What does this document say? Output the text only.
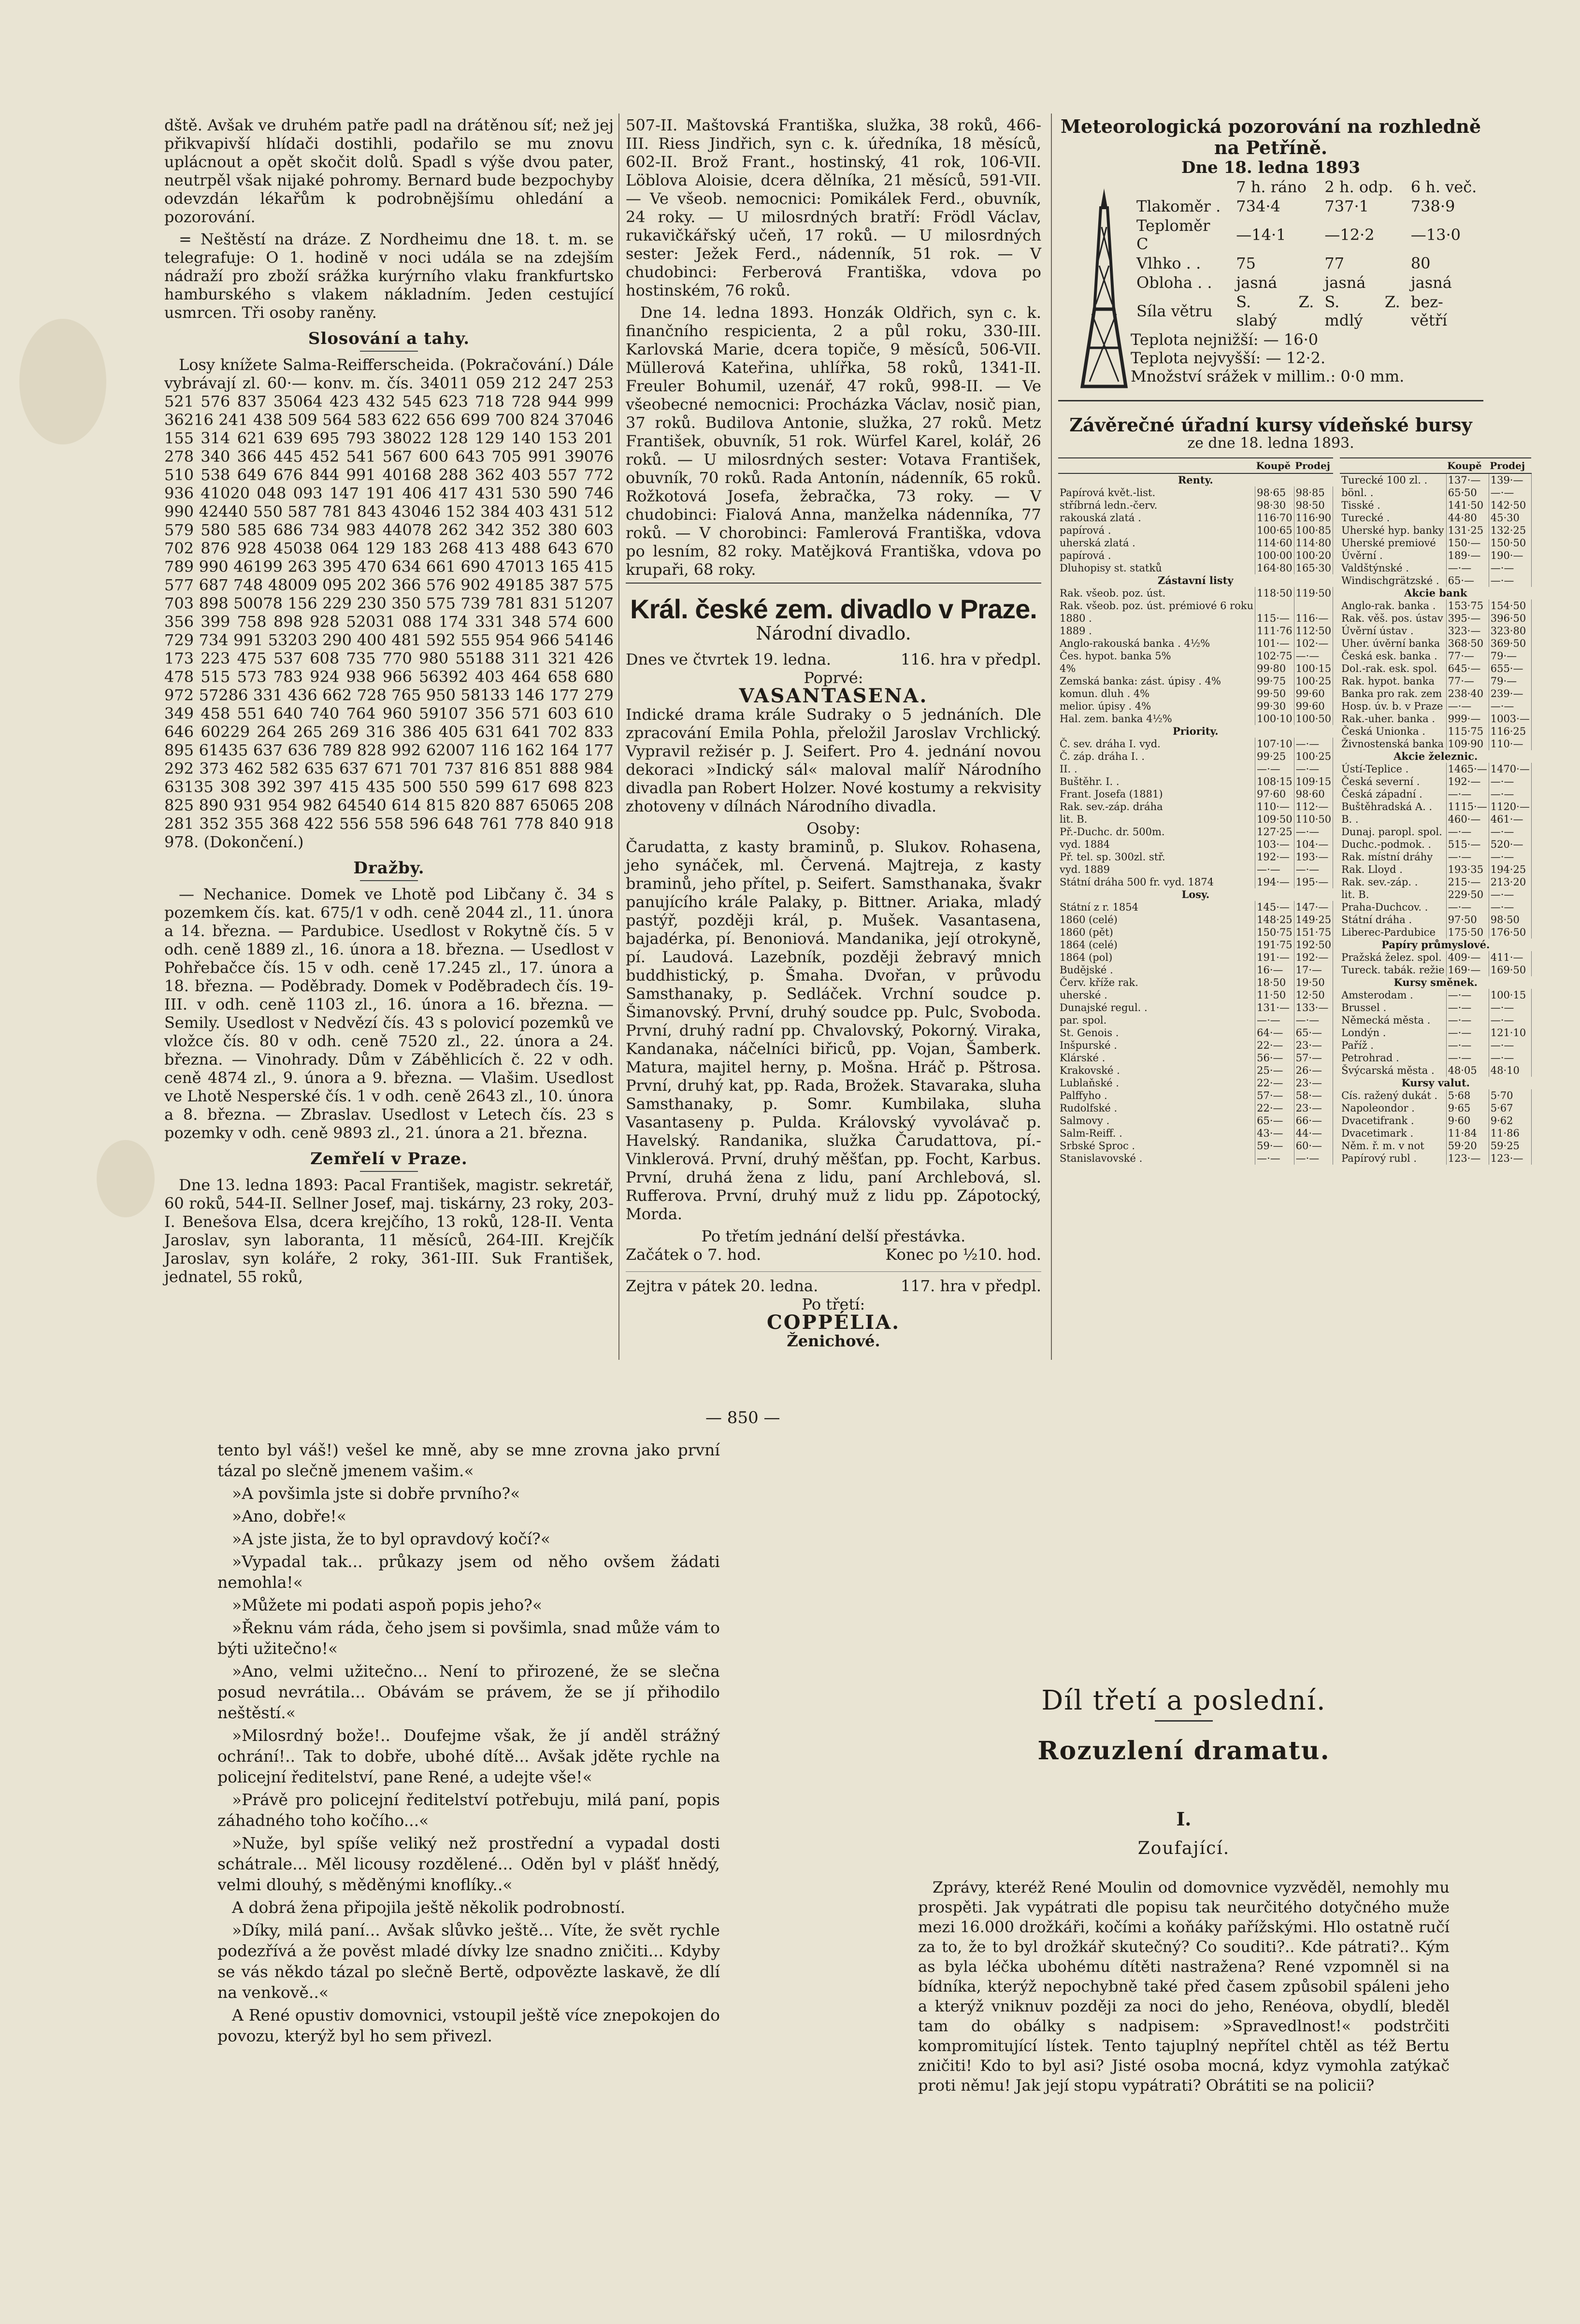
dště. Avšak ve druhém patře padl na drátěnou síť; než jej přikvapivší hlídači dostihli, podařilo se mu znovu uplácnout a opět skočit dolů. Spadl s výše dvou pater, neutrpěl však nijaké pohromy. Bernard bude bezpochyby odevzdán lékařům k podrobnějšímu ohledání a pozorování.

= Neštěstí na dráze. Z Nordheimu dne 18. t. m. se telegrafuje: O 1. hodině v noci udála se na zdejším nádraží pro zboží srážka kurýrního vlaku frankfurtsko hamburského s vlakem nákladním. Jeden cestující usmrcen. Tři osoby raněny.

Slosování a tahy.

Losy knížete Salma-Reifferscheida. (Pokračování.) Dále vybrávají zl. 60·— konv. m. čís. 34011 059 212 247 253 521 576 837 35064 423 432 545 623 718 728 944 999 36216 241 438 509 564 583 622 656 699 700 824 37046 155 314 621 639 695 793 38022 128 129 140 153 201 278 340 366 445 452 541 567 600 643 705 991 39076 510 538 649 676 844 991 40168 288 362 403 557 772 936 41020 048 093 147 191 406 417 431 530 590 746 990 42440 550 587 781 843 43046 152 384 403 431 512 579 580 585 686 734 983 44078 262 342 352 380 603 702 876 928 45038 064 129 183 268 413 488 643 670 789 990 46199 263 395 470 634 661 690 47013 165 415 577 687 748 48009 095 202 366 576 902 49185 387 575 703 898 50078 156 229 230 350 575 739 781 831 51207 356 399 758 898 928 52031 088 174 331 348 574 600 729 734 991 53203 290 400 481 592 555 954 966 54146 173 223 475 537 608 735 770 980 55188 311 321 426 478 515 573 783 924 938 966 56392 403 464 658 680 972 57286 331 436 662 728 765 950 58133 146 177 279 349 458 551 640 740 764 960 59107 356 571 603 610 646 60229 264 265 269 316 386 405 631 641 702 833 895 61435 637 636 789 828 992 62007 116 162 164 177 292 373 462 582 635 637 671 701 737 816 851 888 984 63135 308 392 397 415 435 500 550 599 617 698 823 825 890 931 954 982 64540 614 815 820 887 65065 208 281 352 355 368 422 556 558 596 648 761 778 840 918 978. (Dokončení.)

Dražby.

— Nechanice. Domek ve Lhotě pod Libčany č. 34 s pozemkem čís. kat. 675/1 v odh. ceně 2044 zl., 11. února a 14. března. — Pardubice. Usedlost v Rokytně čís. 5 v odh. ceně 1889 zl., 16. února a 18. března. — Usedlost v Pohřebačce čís. 15 v odh. ceně 17.245 zl., 17. února a 18. března. — Poděbrady. Domek v Poděbradech čís. 19-III. v odh. ceně 1103 zl., 16. února a 16. března. — Semily. Usedlost v Nedvězí čís. 43 s polovicí pozemků ve vložce čís. 80 v odh. ceně 7520 zl., 22. února a 24. března. — Vinohrady. Dům v Záběhlicích č. 22 v odh. ceně 4874 zl., 9. února a 9. března. — Vlašim. Usedlost ve Lhotě Nesperské čís. 1 v odh. ceně 2643 zl., 10. února a 8. března. — Zbraslav. Usedlost v Letech čís. 23 s pozemky v odh. ceně 9893 zl., 21. února a 21. března.

Zemřelí v Praze.

Dne 13. ledna 1893: Pacal František, magistr. sekretář, 60 roků, 544-II. Sellner Josef, maj. tiskárny, 23 roky, 203-I. Benešova Elsa, dcera krejčího, 13 roků, 128-II. Venta Jaroslav, syn laboranta, 11 měsíců, 264-III. Krejčík Jaroslav, syn koláře, 2 roky, 361-III. Suk František, jednatel, 55 roků,

507-II. Maštovská Františka, služka, 38 roků, 466-III. Riess Jindřich, syn c. k. úředníka, 18 měsíců, 602-II. Brož Frant., hostinský, 41 rok, 106-VII. Löblova Aloisie, dcera dělníka, 21 měsíců, 591-VII. — Ve všeob. nemocnici: Pomikálek Ferd., obuvník, 24 roky. — U milosrdných bratří: Frödl Václav, rukavičkářský učeň, 17 roků. — U milosrdných sester: Ježek Ferd., nádenník, 51 rok. — V chudobinci: Ferberová Františka, vdova po hostinském, 76 roků.

Dne 14. ledna 1893. Honzák Oldřich, syn c. k. finančního respicienta, 2 a půl roku, 330-III. Karlovská Marie, dcera topiče, 9 měsíců, 506-VII. Müllerová Kateřina, uhlířka, 58 roků, 1341-II. Freuler Bohumil, uzenář, 47 roků, 998-II. — Ve všeobecné nemocnici: Procházka Václav, nosič pian, 37 roků. Budilova Antonie, služka, 27 roků. Metz František, obuvník, 51 rok. Würfel Karel, kolář, 26 roků. — U milosrdných sester: Votava František, obuvník, 70 roků. Rada Antonín, nádenník, 65 roků. Rožkotová Josefa, žebračka, 73 roky. — V chudobinci: Fialová Anna, manželka nádenníka, 77 roků. — V chorobinci: Famlerová Františka, vdova po lesním, 82 roky. Matějková Františka, vdova po krupaři, 68 roky.

Král. české zem. divadlo v Praze.
Národní divadlo.
Dnes ve čtvrtek 19. ledna.	116. hra v předpl.
Poprvé:
VASANTASENA.

Indické drama krále Sudraky o 5 jednáních. Dle zpracování Emila Pohla, přeložil Jaroslav Vrchlický. Vypravil režisér p. J. Seifert. Pro 4. jednání novou dekoraci »Indický sál« maloval malíř Národního divadla pan Robert Holzer. Nové kostumy a rekvisity zhotoveny v dílnách Národního divadla.

Osoby:

Čarudatta, z kasty braminů, p. Slukov. Rohasena, jeho synáček, ml. Červená. Majtreja, z kasty braminů, jeho přítel, p. Seifert. Samsthanaka, švakr panujícího krále Palaky, p. Bittner. Ariaka, mladý pastýř, později král, p. Mušek. Vasantasena, bajadérka, pí. Benoniová. Mandanika, její otrokyně, pí. Laudová. Lazebník, později žebravý mnich buddhistický, p. Šmaha. Dvořan, v průvodu Samsthanaky, p. Sedláček. Vrchní soudce p. Šimanovský. První, druhý soudce pp. Pulc, Svoboda. První, druhý radní pp. Chvalovský, Pokorný. Viraka, Kandanaka, náčelníci biřiců, pp. Vojan, Šamberk. Matura, majitel herny, p. Mošna. Hráč p. Pštrosa. První, druhý kat, pp. Rada, Brožek. Stavaraka, sluha Samsthanaky, p. Somr. Kumbilaka, sluha Vasantaseny p. Pulda. Královský vyvolávač p. Havelský. Randanika, služka Čarudattova, pí.-Vinklerová. První, druhý měšťan, pp. Focht, Karbus. První, druhá žena z lidu, paní Archlebová, sl. Rufferova. První, druhý muž z lidu pp. Zápotocký, Morda.

Po třetím jednání delší přestávka.
Začátek o 7. hod.	Konec po ½10. hod.
Zejtra v pátek 20. ledna.	117. hra v předpl.
Po třetí:
COPPÉLIA.
Ženichové.
Meteorologická pozorování na rozhledně na Petříně.
Dne 18. ledna 1893
	7 h. ráno	2 h. odp.	6 h. več.
Tlakoměr .	734·4	737·1	738·9
Teploměr C	—14·1	—12·2	—13·0
Vlhko . .	75	77	80
Obloha . .	jasná	jasná	jasná
Síla větru	S. Z. slabý	S. Z. mdlý	bez-větří
Teplota nejnižší: — 16·0
Teplota nejvyšší: — 12·2.
Množství srážek v millim.: 0·0 mm.
Závěrečné úřadní kursy vídeňské bursy
ze dne 18. ledna 1893.
	Koupě	Prodej
Renty.		
Papírová květ.-list.	98·65	98·85
stříbrná ledn.-červ.	98·30	98·50
rakouská zlatá .	116·70	116·90
papírová .	100·65	100·85
uherská zlatá .	114·60	114·80
papírová .	100·00	100·20
Dluhopisy st. statků	164·80	165·30
Zástavní listy		
Rak. všeob. poz. úst.	118·50	119·50
Rak. všeob. poz. úst. prémiové 6 roku		
1880 .	115·—	116·—
1889 .	111·76	112·50
Anglo-rakouská banka . 4½%	101·—	102·—
Čes. hypot. banka 5%	102·75	—·—
4%	99·80	100·15
Zemská banka: zást. úpisy . 4%	99·75	100·25
komun. dluh . 4%	99·50	99·60
melior. úpisy . 4%	99·30	99·60
Hal. zem. banka 4½%	100·10	100·50
Priority.		
Č. sev. dráha I. vyd.	107·10	—·—
Č. záp. dráha I. .	99·25	100·25
II. .	—·—	—·—
Buštěhr. I. .	108·15	109·15
Frant. Josefa (1881)	97·60	98·60
Rak. sev.-záp. dráha	110·—	112·—
lit. B.	109·50	110·50
Př.-Duchc. dr. 500m.	127·25	—·—
vyd. 1884	103·—	104·—
Př. tel. sp. 300zl. stř.	192·—	193·—
vyd. 1889	—·—	—·—
Státní dráha 500 fr. vyd. 1874	194·—	195·—
Losy.		
Státní z r. 1854	145·—	147·—
1860 (celé)	148·25	149·25
1860 (pět)	150·75	151·75
1864 (celé)	191·75	192·50
1864 (pol)	191·—	192·—
Budějské .	16·—	17·—
Červ. kříže rak.	18·50	19·50
uherské .	11·50	12·50
Dunajské regul. .	131·—	133·—
par. spol.	—·—	—·—
St. Genois .	64·—	65·—
Inšpurské .	22·—	23·—
Klárské .	56·—	57·—
Krakovské .	25·—	26·—
Lublaňské .	22·—	23·—
Palffyho .	57·—	58·—
Rudolfské .	22·—	23·—
Salmovy .	65·—	66·—
Salm-Reiff. .	43·—	44·—
Srbské Sproc .	59·—	60·—
Stanislavovské .	—·—	—·—
	Koupě	Prodej
Turecké 100 zl. .	137·—	139·—
bönl. .	65·50	—·—
Tisské .	141·50	142·50
Turecké .	44·80	45·30
Uherské hyp. banky	131·25	132·25
Uherské premiové	150·—	150·50
Úvěrní .	189·—	190·—
Valdštýnské .	—·—	—·—
Windischgrätzské .	65·—	—·—
Akcie bank		
Anglo-rak. banka .	153·75	154·50
Rak. věš. pos. ústav	395·—	396·50
Úvěrní ústav .	323·—	323·80
Uher. úvěrní banka	368·50	369·50
Česká esk. banka .	77·—	79·—
Dol.-rak. esk. spol.	645·—	655·—
Rak. hypot. banka	77·—	79·—
Banka pro rak. zem	238·40	239·—
Hosp. úv. b. v Praze	—·—	—·—
Rak.-uher. banka .	999·—	1003·—
Česká Unionka .	115·75	116·25
Živnostenská banka	109·90	110·—
Akcie železnic.		
Ústí-Teplice .	1465·—	1470·—
Česká severní .	192·—	—·—
Česká západní .	—·—	—·—
Buštěhradská A. .	1115·—	1120·—
B. .	460·—	461·—
Dunaj. paropl. spol.	—·—	—·—
Duchc.-podmok. .	515·—	520·—
Rak. místní dráhy	—·—	—·—
Rak. Lloyd .	193·35	194·25
Rak. sev.-záp. .	215·—	213·20
lit. B.	229·50	—·—
Praha-Duchcov. .	—·—	—·—
Státní dráha .	97·50	98·50
Liberec-Pardubice	175·50	176·50
Papíry průmyslové.		
Pražská želez. spol.	409·—	411·—
Tureck. tabák. režie	169·—	169·50
Kursy směnek.		
Amsterodam .	—·—	100·15
Brussel .	—·—	—·—
Německá města .	—·—	—·—
Londýn .	—·—	121·10
Paříž .	—·—	—·—
Petrohrad .	—·—	—·—
Švýcarská města .	48·05	48·10
Kursy valut.		
Cís. ražený dukát .	5·68	5·70
Napoleondor .	9·65	5·67
Dvacetifrank .	9·60	9·62
Dvacetimark .	11·84	11·86
Něm. ř. m. v not	59·20	59·25
Papírový rubl .	123·—	123·—
— 850 —

tento byl váš!) vešel ke mně, aby se mne zrovna jako první tázal po slečně jmenem vašim.«

»A povšimla jste si dobře prvního?«

»Ano, dobře!«

»A jste jista, že to byl opravdový kočí?«

»Vypadal tak... průkazy jsem od něho ovšem žádati nemohla!«

»Můžete mi podati aspoň popis jeho?«

»Řeknu vám ráda, čeho jsem si povšimla, snad může vám to býti užitečno!«

»Ano, velmi užitečno... Není to přirozené, že se slečna posud nevrátila... Obávám se právem, že se jí přihodilo neštěstí.«

»Milosrdný bože!.. Doufejme však, že jí anděl strážný ochrání!.. Tak to dobře, ubohé dítě... Avšak jděte rychle na policejní ředitelství, pane René, a udejte vše!«

»Právě pro policejní ředitelství potřebuju, milá paní, popis záhadného toho kočího...«

»Nuže, byl spíše veliký než prostřední a vypadal dosti schátrale... Měl licousy rozdělené... Oděn byl v plášť hnědý, velmi dlouhý, s měděnými knoflíky..«

A dobrá žena připojila ještě několik podrobností.

»Díky, milá paní... Avšak slůvko ještě... Víte, že svět rychle podezřívá a že pověst mladé dívky lze snadno zničiti... Kdyby se vás někdo tázal po slečně Bertě, odpovězte laskavě, že dlí na venkově..«

A René opustiv domovnici, vstoupil ještě více znepokojen do povozu, kterýž byl ho sem přivezl.

Díl třetí a poslední.
Rozuzlení dramatu.
I.
Zoufající.

Zprávy, kteréž René Moulin od domovnice vyzvěděl, nemohly mu prospěti. Jak vypátrati dle popisu tak neurčitého dotyčného muže mezi 16.000 drožkáři, kočími a koňáky pařížskými. Hlo ostatně ručí za to, že to byl drožkář skutečný? Co souditi?.. Kde pátrati?.. Kým as byla léčka ubohému dítěti nastražena? René vzpomněl si na bídníka, kterýž nepochybně také před časem způsobil spáleni jeho a kterýž vniknuv později za noci do jeho, Renéova, obydlí, bleděl tam do obálky s nadpisem: »Spravedlnost!« podstrčiti kompromitující lístek. Tento tajuplný nepřítel chtěl as též Bertu zničiti! Kdo to byl asi? Jisté osoba mocná, kdyz vymohla zatýkač proti němu! Jak její stopu vypátrati? Obrátiti se na policii?
